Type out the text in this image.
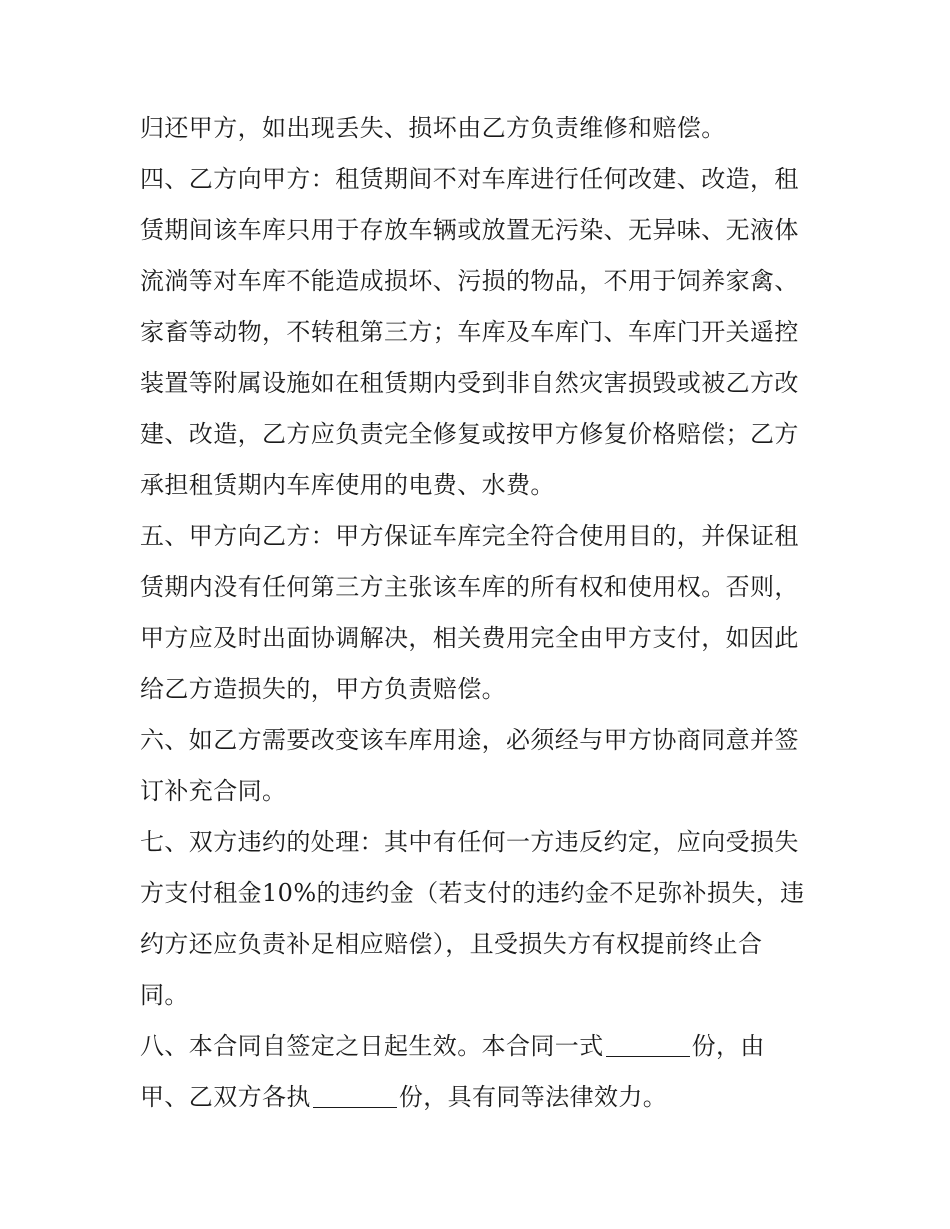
归还甲方，如出现丢失、损坏由乙方负责维修和赔偿。
四、乙方向甲方：租赁期间不对车库进行任何改建、改造，租
赁期间该车库只用于存放车辆或放置无污染、无异味、无液体
流淌等对车库不能造成损坏、污损的物品，不用于饲养家禽、
家畜等动物，不转租第三方；车库及车库门、车库门开关遥控
装置等附属设施如在租赁期内受到非自然灾害损毁或被乙方改
建、改造，乙方应负责完全修复或按甲方修复价格赔偿；乙方
承担租赁期内车库使用的电费、水费。
五、甲方向乙方：甲方保证车库完全符合使用目的，并保证租
赁期内没有任何第三方主张该车库的所有权和使用权。否则，
甲方应及时出面协调解决，相关费用完全由甲方支付，如因此
给乙方造损失的，甲方负责赔偿。
六、如乙方需要改变该车库用途，必须经与甲方协商同意并签
订补充合同。
七、双方违约的处理：其中有任何一方违反约定，应向受损失
方支付租金10%的违约金（若支付的违约金不足弥补损失，违
约方还应负责补足相应赔偿），且受损失方有权提前终止合
同。
八、本合同自签定之日起生效。本合同一式	份，由
甲、乙双方各执	份，具有同等法律效力。
